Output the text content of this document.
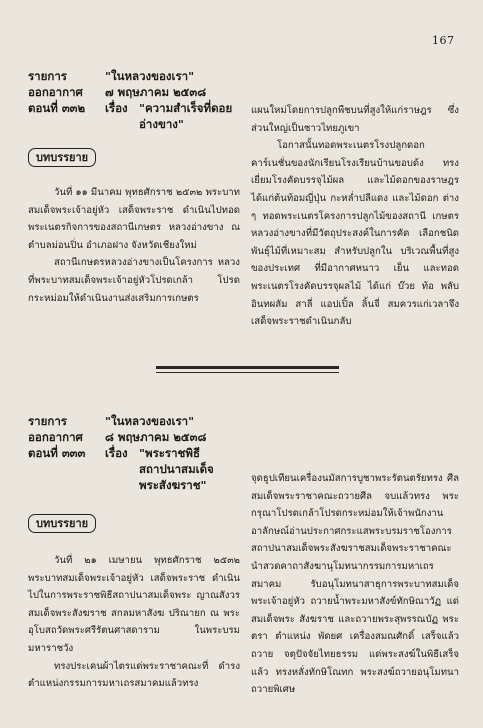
167
รายการ	"ในหลวงของเรา"
ออกอากาศ ๗ พฤษภาคม ๒๕๓๘
ตอนที่ ๓๓๒ เรื่อง "ความสำเร็จที่ดอย
อ่างขาง"
บทบรรยาย

วันที่ ๑๑ มีนาคม พุทธศักราช ๒๕๓๒ พระบาทสมเด็จพระเจ้าอยู่หัว เสด็จพระราช ดำเนินไปทอดพระเนตรกิจการของสถานีเกษตร หลวงอ่างขาง ณ ตำบลม่อนปิ่น อำเภอฝาง จังหวัดเชียงใหม่

สถานีเกษตรหลวงอ่างขางเป็นโครงการ หลวง ที่พระบาทสมเด็จพระเจ้าอยู่หัวโปรดเกล้า โปรดกระหม่อมให้ดำเนินงานส่งเสริมการเกษตร

แผนใหม่โดยการปลูกพืชบนที่สูงให้แก่ราษฎร ซึ่งส่วนใหญ่เป็นชาวไทยภูเขา

โอกาสนั้นทอดพระเนตรโรงปลูกดอก คาร์เนชั่นของนักเรียนโรงเรียนบ้านขอบด้ง ทรง เยี่ยมโรงคัดบรรจุไม้ผล และไม้ดอกของราษฎร ได้แก่ต้นท้อมญี่ปุ่น กะหล่ำปลีแดง และไม้ดอก ต่าง ๆ ทอดพระเนตรโครงการปลูกไม้ของสถานี เกษตรหลวงอ่างขางที่มีวัตถุประสงค์ในการคัด เลือกชนิดพันธุ์ไม้ที่เหมาะสม สำหรับปลูกใน บริเวณพื้นที่สูงของประเทศ ที่มีอากาศหนาว เย็น และทอดพระเนตรโรงคัดบรรจุผลไม้ ได้แก่ บ๊วย ท้อ พลับ อินทผลัม สาลี่ แอปเปิ้ล ลิ้นจี่ สมควรแก่เวลาจึงเสด็จพระราชดำเนินกลับ

รายการ	"ในหลวงของเรา"
ออกอากาศ ๘ พฤษภาคม ๒๕๓๘
ตอนที่ ๓๓๓ เรื่อง "พระราชพิธี
สถาปนาสมเด็จ
พระสังฆราช"
บทบรรยาย

วันที่ ๒๑ เมษายน พุทธศักราช ๒๕๓๒ พระบาทสมเด็จพระเจ้าอยู่หัว เสด็จพระราช ดำเนินไปในการพระราชพิธีสถาปนาสมเด็จพระ ญาณสังวร สมเด็จพระสังฆราช สกลมหาสังฆ ปริณายก ณ พระอุโบสถวัดพระศรีรัตนศาสดาราม ในพระบรมมหาราชวัง

ทรงประเคนผ้าไตรแด่พระราชาคณะที่ ดำรงตำแหน่งกรรมการมหาเถรสมาคมแล้วทรง

จุดธูปเทียนเครื่องนมัสการบูชาพระรัตนตรัยทรง ศีล สมเด็จพระราชาคณะถวายศีล จบแล้วทรง พระกรุณาโปรดเกล้าโปรดกระหม่อมให้เจ้าพนักงาน อาลักษณ์อ่านประกาศกระแสพระบรมราชโองการ สถาปนาสมเด็จพระสังฆราชสมเด็จพระราชาคณะ นำสวดคาถาสังฆานุโมทนากรรมการมหาเถรสมาคม รับอนุโมทนาสาธุการพระบาทสมเด็จพระเจ้าอยู่หัว ถวายน้ำพระมหาสังข์ทักษิณาวัฏ แด่สมเด็จพระ สังฆราช และถวายพระสุพรรณบัฏ พระตรา ตำแหน่ง พัดยศ เครื่องสมณศักดิ์ เสร็จแล้วถวาย จตุปัจจัยไทยธรรม แด่พระสงฆ์ในพิธีเสร็จแล้ว ทรงหลั่งทักษิโณทก พระสงฆ์ถวายอนุโมทนา ถวายพิเศษ
